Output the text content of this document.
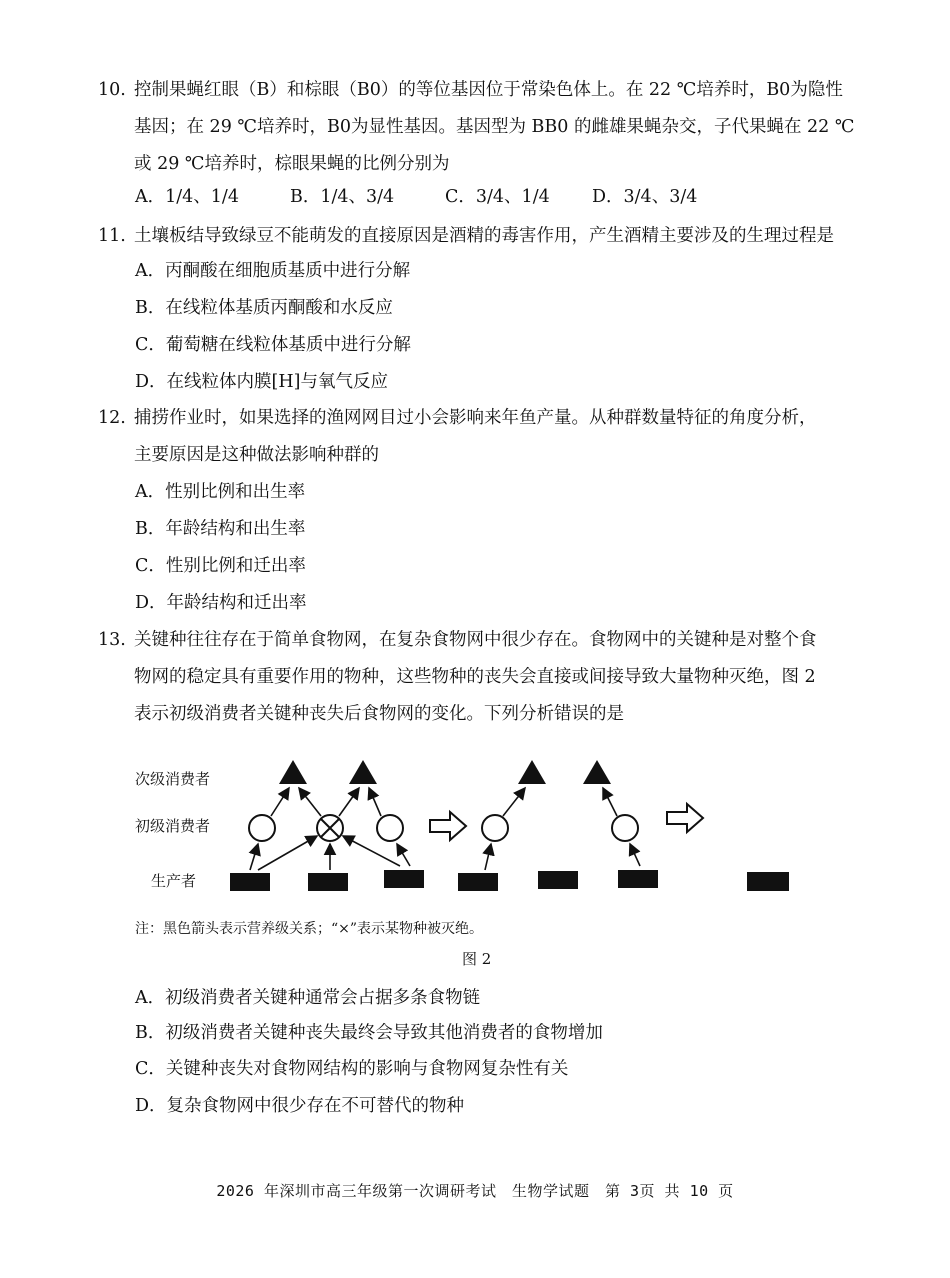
10. 控制果蝇红眼（B）和棕眼（B0）的等位基因位于常染色体上。在 22 ℃培养时，B0为隐性
基因；在 29 ℃培养时，B0为显性基因。基因型为 BB0 的雌雄果蝇杂交，子代果蝇在 22 ℃
或 29 ℃培养时，棕眼果蝇的比例分别为
A．1/4、1/4	B．1/4、3/4	C．3/4、1/4 D．3/4、3/4
11. 土壤板结导致绿豆不能萌发的直接原因是酒精的毒害作用，产生酒精主要涉及的生理过程是
A．丙酮酸在细胞质基质中进行分解
B．在线粒体基质丙酮酸和水反应
C．葡萄糖在线粒体基质中进行分解
D．在线粒体内膜[H]与氧气反应
12. 捕捞作业时，如果选择的渔网网目过小会影响来年鱼产量。从种群数量特征的角度分析，
主要原因是这种做法影响种群的
A．性别比例和出生率
B．年龄结构和出生率
C．性别比例和迁出率
D．年龄结构和迁出率
13. 关键种往往存在于简单食物网，在复杂食物网中很少存在。食物网中的关键种是对整个食
物网的稳定具有重要作用的物种，这些物种的丧失会直接或间接导致大量物种灭绝，图 2
表示初级消费者关键种丧失后食物网的变化。下列分析错误的是
次级消费者
初级消费者
生产者
注：黑色箭头表示营养级关系；“×”表示某物种被灭绝。
图 2
A．初级消费者关键种通常会占据多条食物链
B．初级消费者关键种丧失最终会导致其他消费者的食物增加
C．关键种丧失对食物网结构的影响与食物网复杂性有关
D．复杂食物网中很少存在不可替代的物种
2026 年深圳市高三年级第一次调研考试　生物学试题　第 3页 共 10 页
